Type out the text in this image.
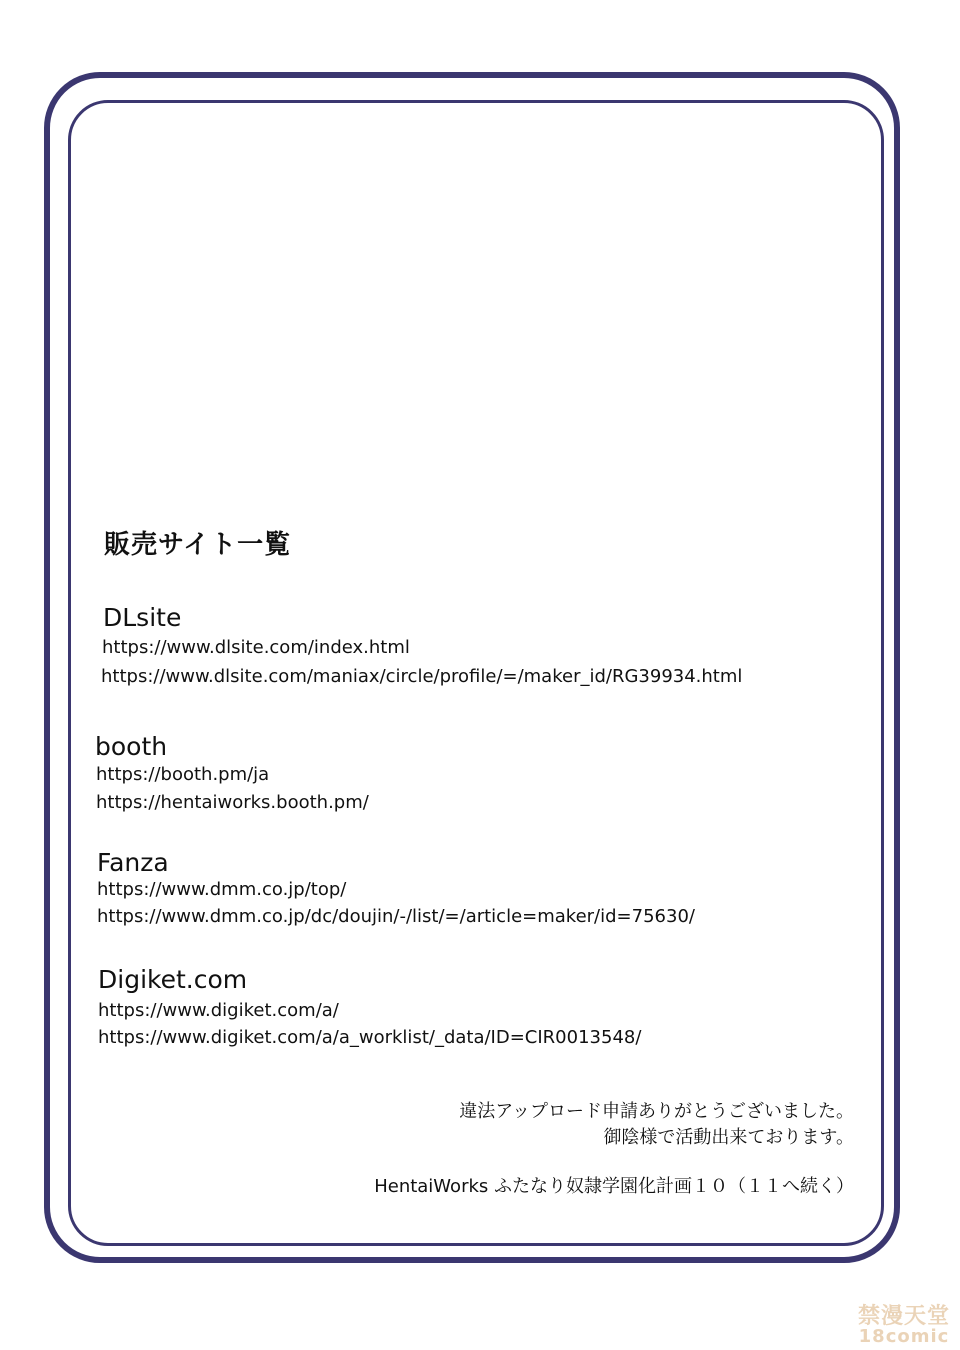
販売サイト一覧
DLsite
https://www.dlsite.com/index.html
https://www.dlsite.com/maniax/circle/profile/=/maker_id/RG39934.html
booth
https://booth.pm/ja
https://hentaiworks.booth.pm/
Fanza
https://www.dmm.co.jp/top/
https://www.dmm.co.jp/dc/doujin/-/list/=/article=maker/id=75630/
Digiket.com
https://www.digiket.com/a/
https://www.digiket.com/a/a_worklist/_data/ID=CIR0013548/
違法アップロード申請ありがとうございました。
御陰様で活動出来ております。
HentaiWorks ふたなり奴隷学園化計画１０（１１へ続く）
禁漫天堂
18comic
